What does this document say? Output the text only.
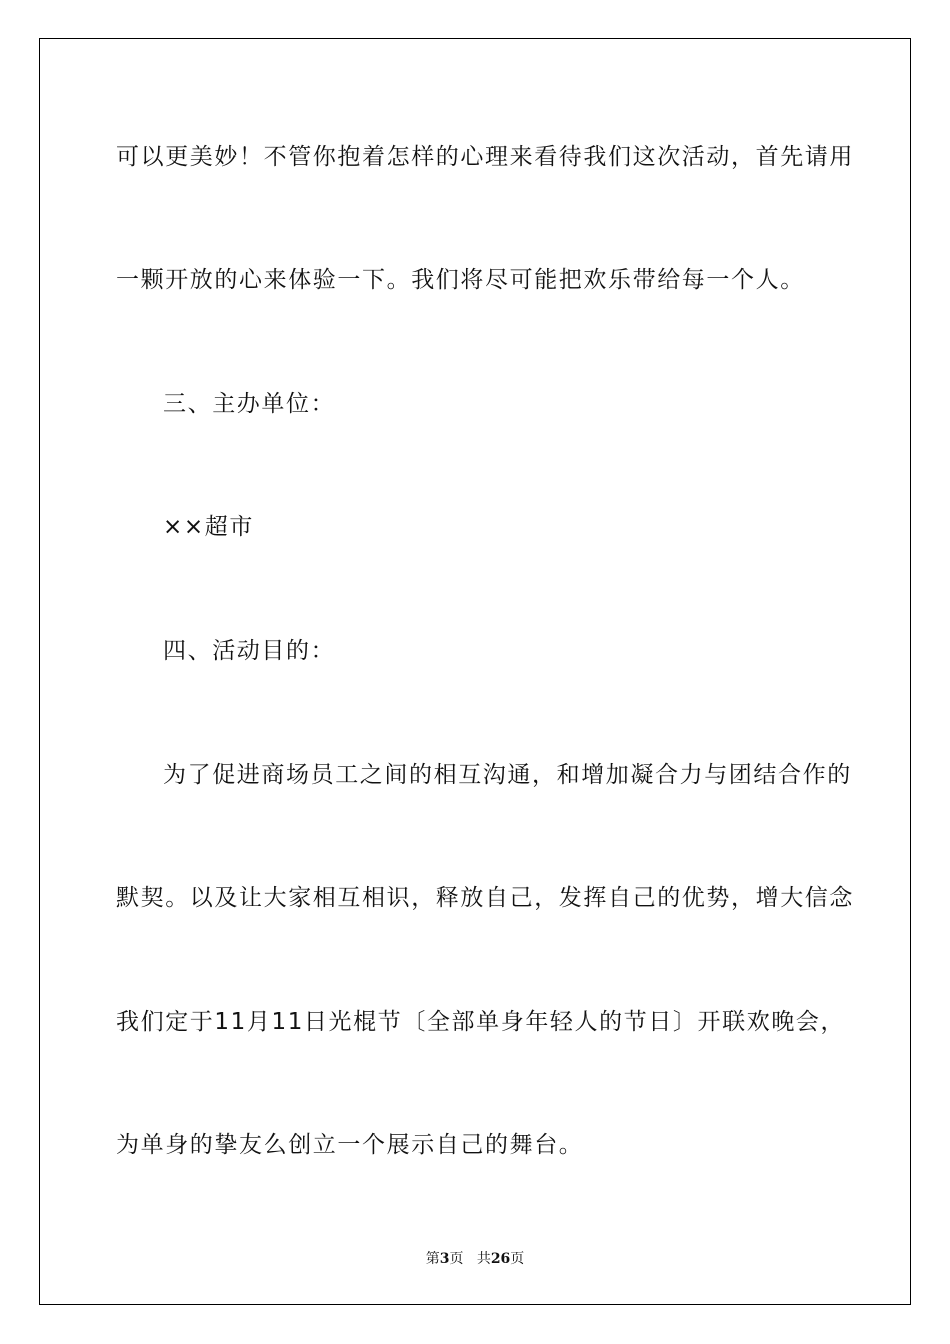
可以更美妙！不管你抱着怎样的心理来看待我们这次活动，首先请用
一颗开放的心来体验一下。我们将尽可能把欢乐带给每一个人。
三、主办单位：
××超市
四、活动目的：
为了促进商场员工之间的相互沟通，和增加凝合力与团结合作的
默契。以及让大家相互相识，释放自己，发挥自己的优势，增大信念
我们定于11月11日光棍节〔全部单身年轻人的节日〕开联欢晚会，
为单身的挚友么创立一个展示自己的舞台。
第3页 共26页
